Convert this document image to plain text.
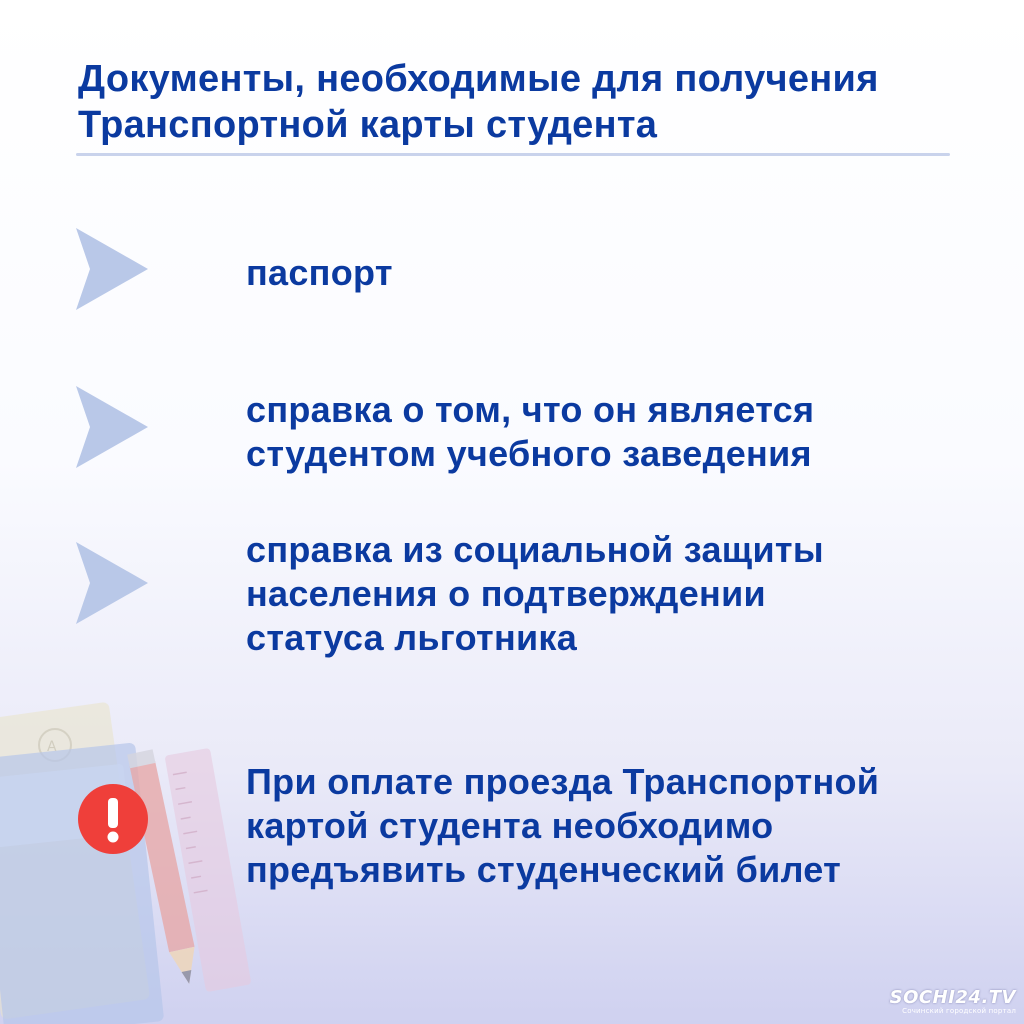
Документы, необходимые для получения
Транспортной карты студента
паспорт
справка о том, что он является
студентом учебного заведения
справка из социальной защиты
населения о подтверждении
статуса льготника
A
При оплате проезда Транспортной
картой студента необходимо
предъявить студенческий билет
SOCHI24.TV
Сочинский городской портал
